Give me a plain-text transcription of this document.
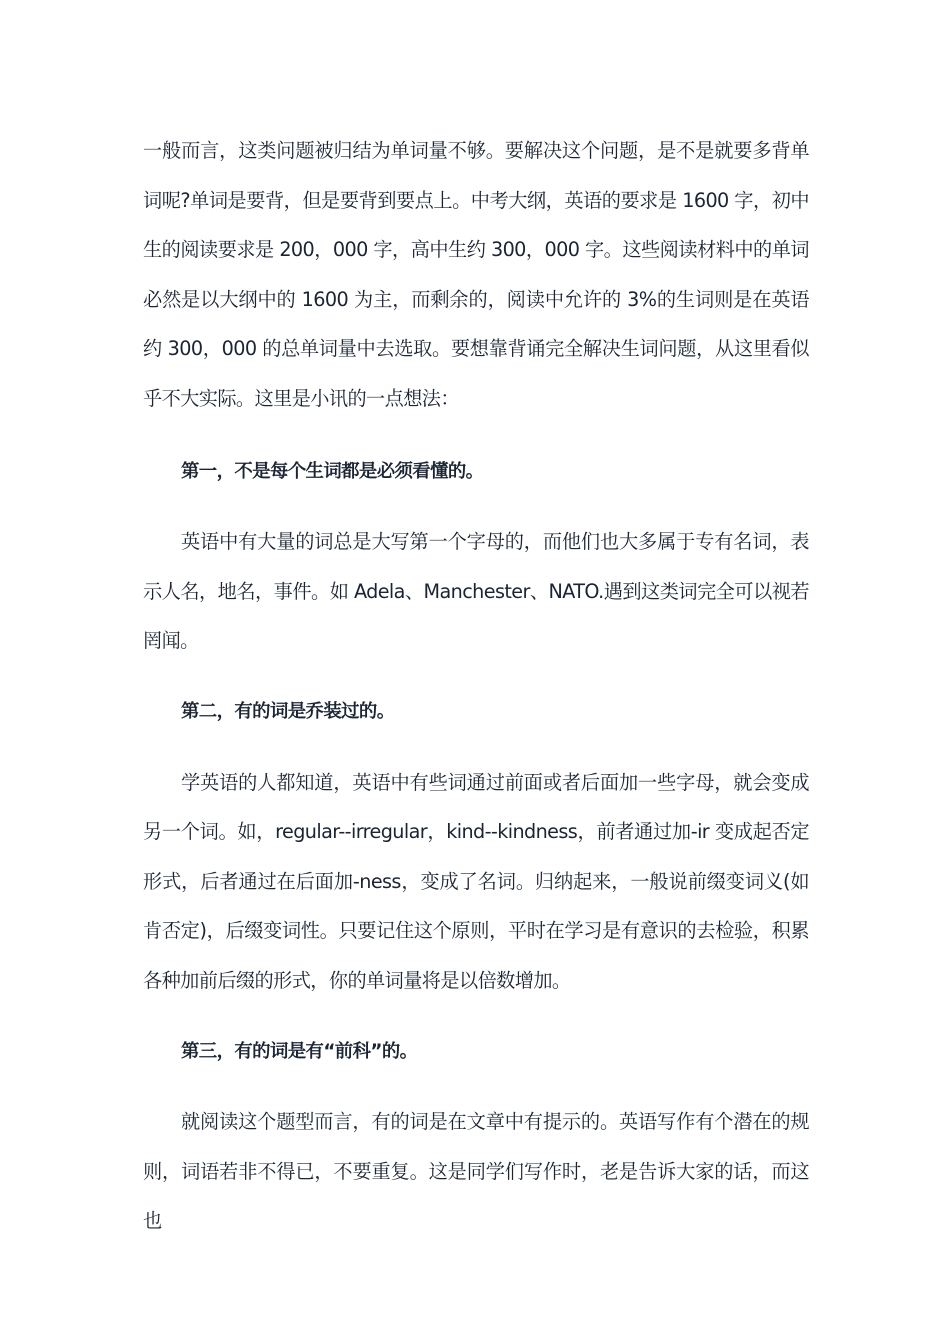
一般而言，这类问题被归结为单词量不够。要解决这个问题，是不是就要多背单词呢?单词是要背，但是要背到要点上。中考大纲，英语的要求是 1600 字，初中生的阅读要求是 200，000 字，高中生约 300，000 字。这些阅读材料中的单词必然是以大纲中的 1600 为主，而剩余的，阅读中允许的 3%的生词则是在英语约 300，000 的总单词量中去选取。要想靠背诵完全解决生词问题，从这里看似乎不大实际。这里是小讯的一点想法：

第一，不是每个生词都是必须看懂的。

英语中有大量的词总是大写第一个字母的，而他们也大多属于专有名词，表示人名，地名，事件。如 Adela、Manchester、NATO.遇到这类词完全可以视若罔闻。

第二，有的词是乔装过的。

学英语的人都知道，英语中有些词通过前面或者后面加一些字母，就会变成另一个词。如，regular--irregular，kind--kindness，前者通过加-ir 变成起否定形式，后者通过在后面加-ness，变成了名词。归纳起来，一般说前缀变词义(如肯否定)，后缀变词性。只要记住这个原则，平时在学习是有意识的去检验，积累各种加前后缀的形式，你的单词量将是以倍数增加。

第三，有的词是有“前科”的。

就阅读这个题型而言，有的词是在文章中有提示的。英语写作有个潜在的规则，词语若非不得已，不要重复。这是同学们写作时，老是告诉大家的话，而这也
